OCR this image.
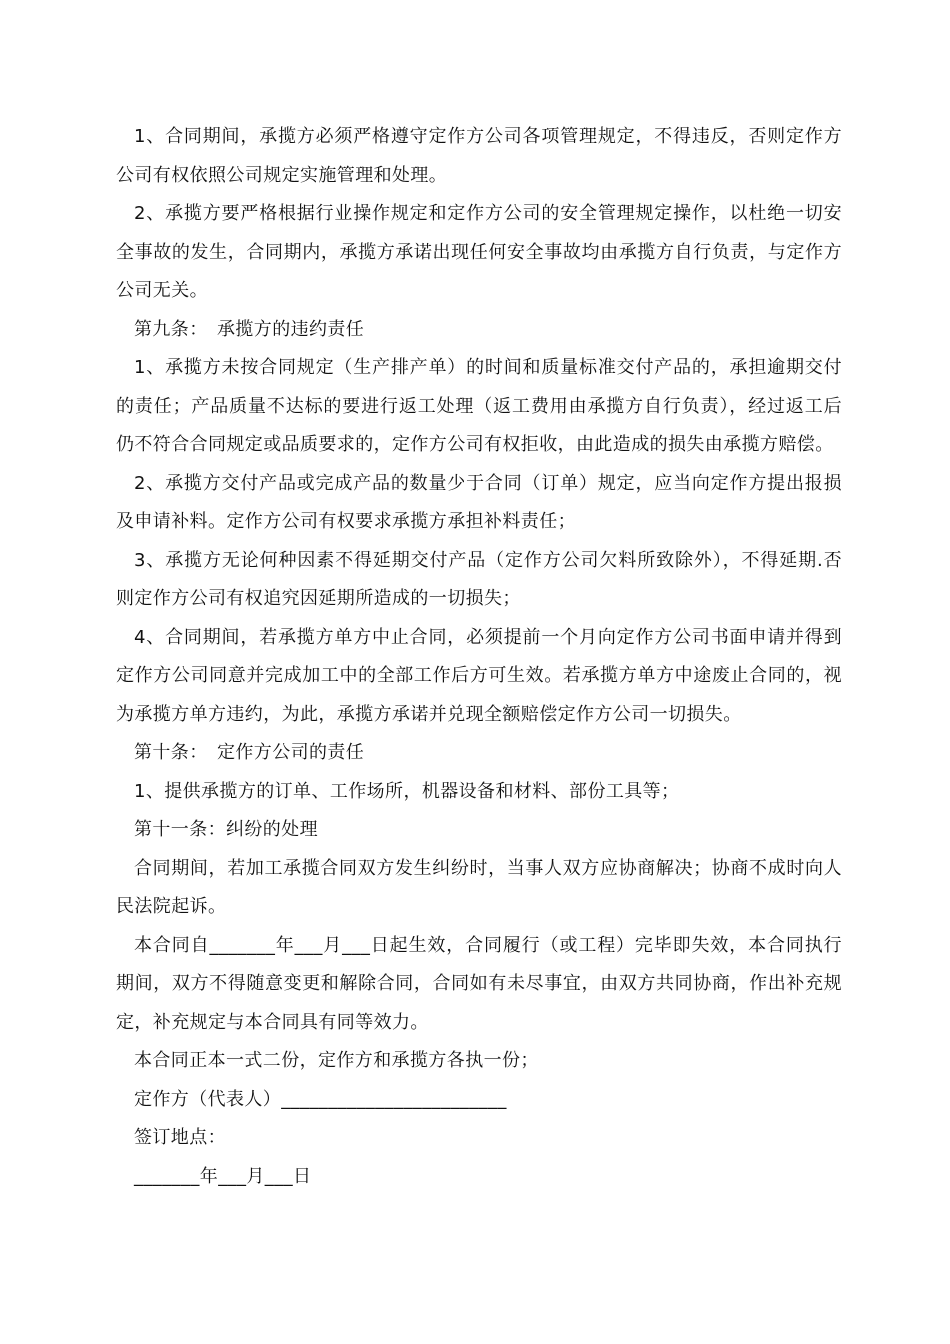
1、合同期间，承揽方必须严格遵守定作方公司各项管理规定，不得违反，否则定作方公司有权依照公司规定实施管理和处理。

2、承揽方要严格根据行业操作规定和定作方公司的安全管理规定操作，以杜绝一切安全事故的发生，合同期内，承揽方承诺出现任何安全事故均由承揽方自行负责，与定作方公司无关。

第九条：　承揽方的违约责任

1、承揽方未按合同规定（生产排产单）的时间和质量标准交付产品的，承担逾期交付的责任；产品质量不达标的要进行返工处理（返工费用由承揽方自行负责），经过返工后仍不符合合同规定或品质要求的，定作方公司有权拒收，由此造成的损失由承揽方赔偿。

2、承揽方交付产品或完成产品的数量少于合同（订单）规定，应当向定作方提出报损及申请补料。定作方公司有权要求承揽方承担补料责任；

3、承揽方无论何种因素不得延期交付产品（定作方公司欠料所致除外），不得延期.否则定作方公司有权追究因延期所造成的一切损失；

4、合同期间，若承揽方单方中止合同，必须提前一个月向定作方公司书面申请并得到定作方公司同意并完成加工中的全部工作后方可生效。若承揽方单方中途废止合同的，视为承揽方单方违约，为此，承揽方承诺并兑现全额赔偿定作方公司一切损失。

第十条：　定作方公司的责任

1、提供承揽方的订单、工作场所，机器设备和材料、部份工具等；

第十一条：纠纷的处理

合同期间，若加工承揽合同双方发生纠纷时，当事人双方应协商解决；协商不成时向人民法院起诉。

本合同自_______年___月___日起生效，合同履行（或工程）完毕即失效，本合同执行期间，双方不得随意变更和解除合同，合同如有未尽事宜，由双方共同协商，作出补充规定，补充规定与本合同具有同等效力。

本合同正本一式二份，定作方和承揽方各执一份；

定作方（代表人）________________________

签订地点：

_______年___月___日
